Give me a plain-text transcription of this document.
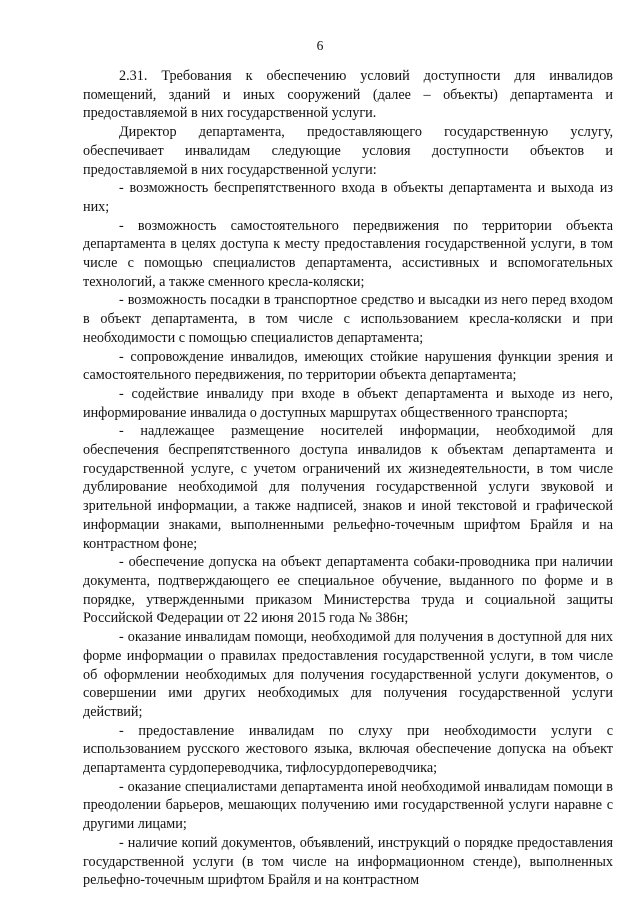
6

2.31. Требования к обеспечению условий доступности для инвалидов помещений, зданий и иных сооружений (далее – объекты) департамента и предоставляемой в них государственной услуги.

Директор департамента, предоставляющего государственную услугу, обеспечивает инвалидам следующие условия доступности объектов и предоставляемой в них государственной услуги:

- возможность беспрепятственного входа в объекты департамента и выхода из них;

- возможность самостоятельного передвижения по территории объекта департамента в целях доступа к месту предоставления государственной услуги, в том числе с помощью специалистов департамента, ассистивных и вспомогательных технологий, а также сменного кресла-коляски;

- возможность посадки в транспортное средство и высадки из него перед входом в объект департамента, в том числе с использованием кресла-коляски и при необходимости с помощью специалистов департамента;

- сопровождение инвалидов, имеющих стойкие нарушения функции зрения и самостоятельного передвижения, по территории объекта департамента;

- содействие инвалиду при входе в объект департамента и выходе из него, информирование инвалида о доступных маршрутах общественного транспорта;

- надлежащее размещение носителей информации, необходимой для обеспечения беспрепятственного доступа инвалидов к объектам департамента и государственной услуге, с учетом ограничений их жизнедеятельности, в том числе дублирование необходимой для получения государственной услуги звуковой и зрительной информации, а также надписей, знаков и иной текстовой и графической информации знаками, выполненными рельефно-точечным шрифтом Брайля и на контрастном фоне;

- обеспечение допуска на объект департамента собаки-проводника при наличии документа, подтверждающего ее специальное обучение, выданного по форме и в порядке, утвержденными приказом Министерства труда и социальной защиты Российской Федерации от 22 июня 2015 года № 386н;

- оказание инвалидам помощи, необходимой для получения в доступной для них форме информации о правилах предоставления государственной услуги, в том числе об оформлении необходимых для получения государственной услуги документов, о совершении ими других необходимых для получения государственной услуги действий;

- предоставление инвалидам по слуху при необходимости услуги с использованием русского жестового языка, включая обеспечение допуска на объект департамента сурдопереводчика, тифлосурдопереводчика;

- оказание специалистами департамента иной необходимой инвалидам помощи в преодолении барьеров, мешающих получению ими государственной услуги наравне с другими лицами;

- наличие копий документов, объявлений, инструкций о порядке предоставления государственной услуги (в том числе на информационном стенде), выполненных рельефно-точечным шрифтом Брайля и на контрастном
